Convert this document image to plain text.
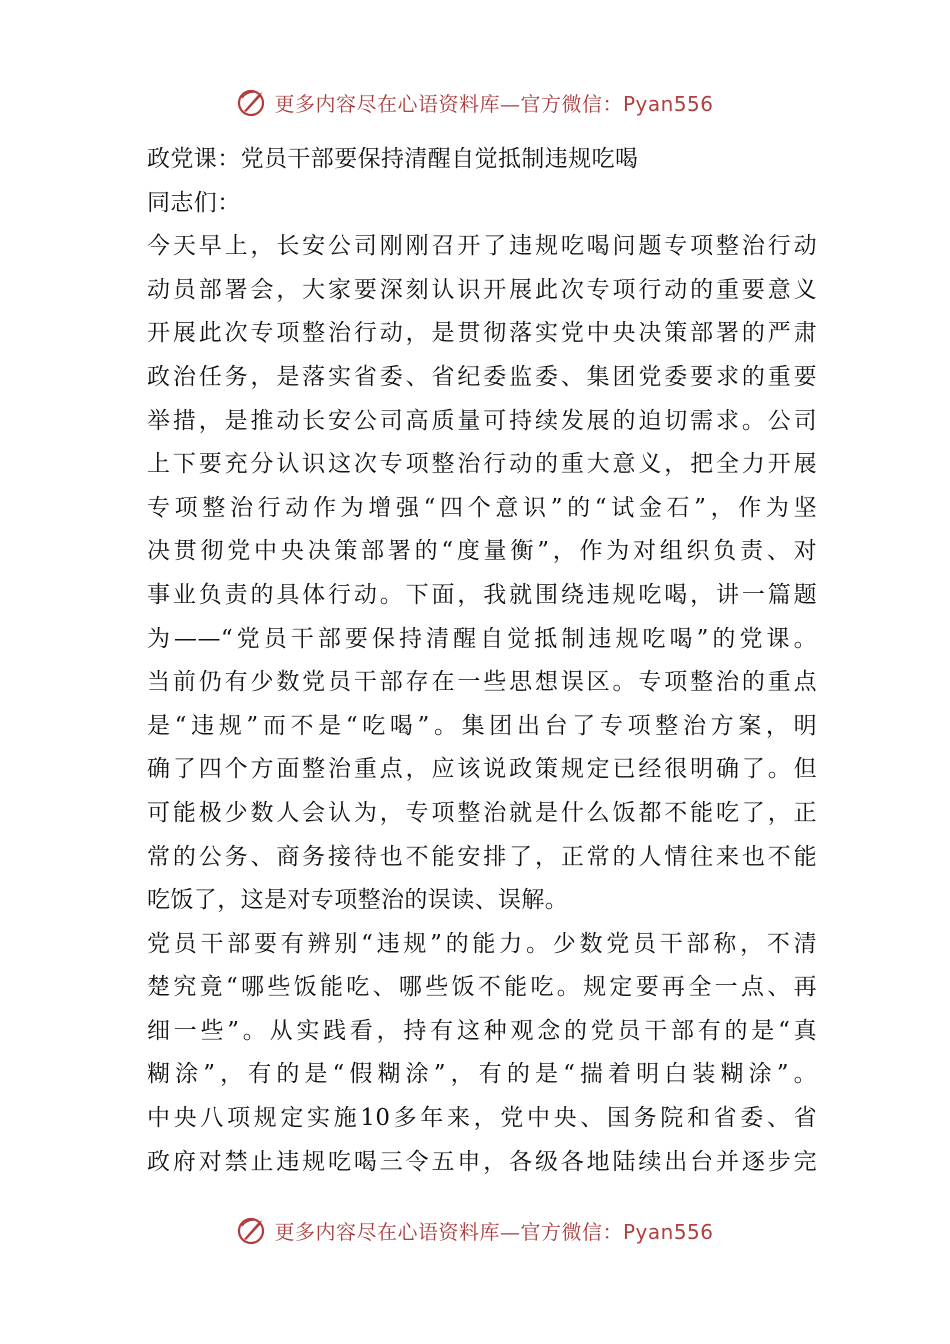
更多内容尽在心语资料库—官方微信：Pyan556
政党课：党员干部要保持清醒自觉抵制违规吃喝
同志们：
今天早上，长安公司刚刚召开了违规吃喝问题专项整治行动
动员部署会，大家要深刻认识开展此次专项行动的重要意义
开展此次专项整治行动，是贯彻落实党中央决策部署的严肃
政治任务，是落实省委、省纪委监委、集团党委要求的重要
举措，是推动长安公司高质量可持续发展的迫切需求。公司
上下要充分认识这次专项整治行动的重大意义，把全力开展
专项整治行动作为增强“四个意识”的“试金石”，作为坚
决贯彻党中央决策部署的“度量衡”，作为对组织负责、对
事业负责的具体行动。下面，我就围绕违规吃喝，讲一篇题
为——“党员干部要保持清醒自觉抵制违规吃喝”的党课。
当前仍有少数党员干部存在一些思想误区。专项整治的重点
是“违规”而不是“吃喝”。集团出台了专项整治方案，明
确了四个方面整治重点，应该说政策规定已经很明确了。但
可能极少数人会认为，专项整治就是什么饭都不能吃了，正
常的公务、商务接待也不能安排了，正常的人情往来也不能
吃饭了，这是对专项整治的误读、误解。
党员干部要有辨别“违规”的能力。少数党员干部称，不清
楚究竟“哪些饭能吃、哪些饭不能吃。规定要再全一点、再
细一些”。从实践看，持有这种观念的党员干部有的是“真
糊涂”，有的是“假糊涂”，有的是“揣着明白装糊涂”。
中央八项规定实施10多年来，党中央、国务院和省委、省
政府对禁止违规吃喝三令五申，各级各地陆续出台并逐步完
更多内容尽在心语资料库—官方微信：Pyan556
